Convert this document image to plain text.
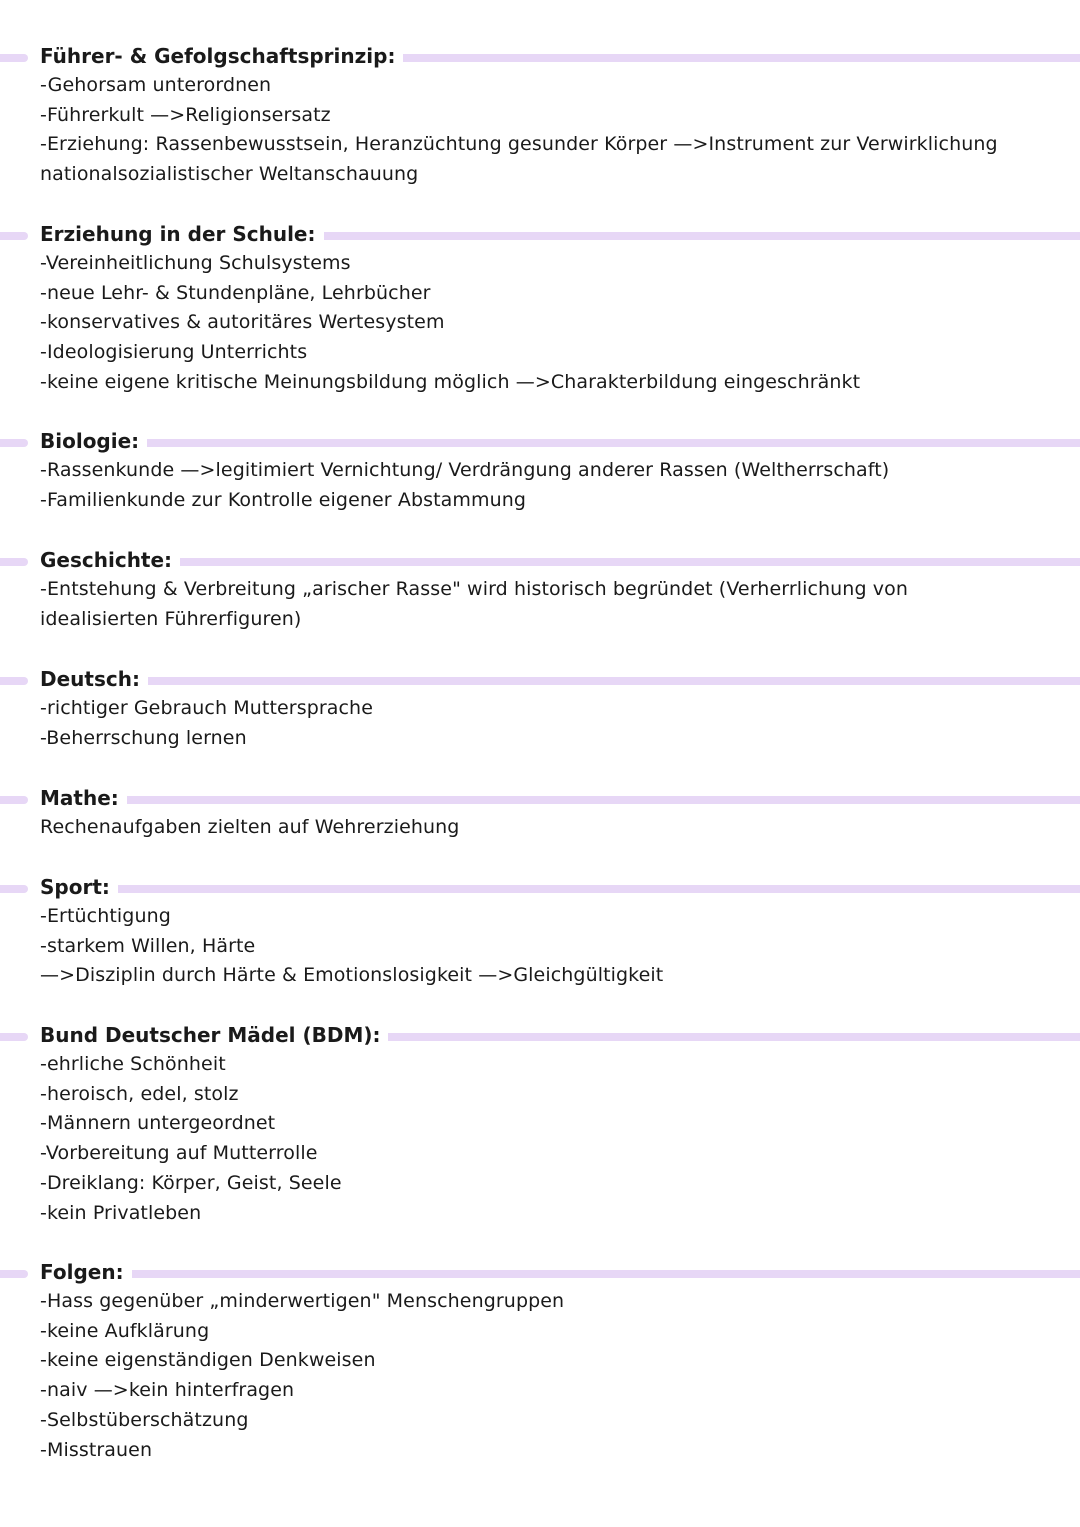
Führer- & Gefolgschaftsprinzip:
-Gehorsam unterordnen
-Führerkult —>Religionsersatz
-Erziehung: Rassenbewusstsein, Heranzüchtung gesunder Körper —>Instrument zur Verwirklichung nationalsozialistischer Weltanschauung
Erziehung in der Schule:
-Vereinheitlichung Schulsystems
-neue Lehr- & Stundenpläne, Lehrbücher
-konservatives & autoritäres Wertesystem
-Ideologisierung Unterrichts
-keine eigene kritische Meinungsbildung möglich —>Charakterbildung eingeschränkt
Biologie:
-Rassenkunde —>legitimiert Vernichtung/ Verdrängung anderer Rassen (Weltherrschaft)
-Familienkunde zur Kontrolle eigener Abstammung
Geschichte:
-Entstehung & Verbreitung „arischer Rasse" wird historisch begründet (Verherrlichung von idealisierten Führerfiguren)
Deutsch:
-richtiger Gebrauch Muttersprache
-Beherrschung lernen
Mathe:
Rechenaufgaben zielten auf Wehrerziehung
Sport:
-Ertüchtigung
-starkem Willen, Härte
—>Disziplin durch Härte & Emotionslosigkeit —>Gleichgültigkeit
Bund Deutscher Mädel (BDM):
-ehrliche Schönheit
-heroisch, edel, stolz
-Männern untergeordnet
-Vorbereitung auf Mutterrolle
-Dreiklang: Körper, Geist, Seele
-kein Privatleben
Folgen:
-Hass gegenüber „minderwertigen" Menschengruppen
-keine Aufklärung
-keine eigenständigen Denkweisen
-naiv —>kein hinterfragen
-Selbstüberschätzung
-Misstrauen
